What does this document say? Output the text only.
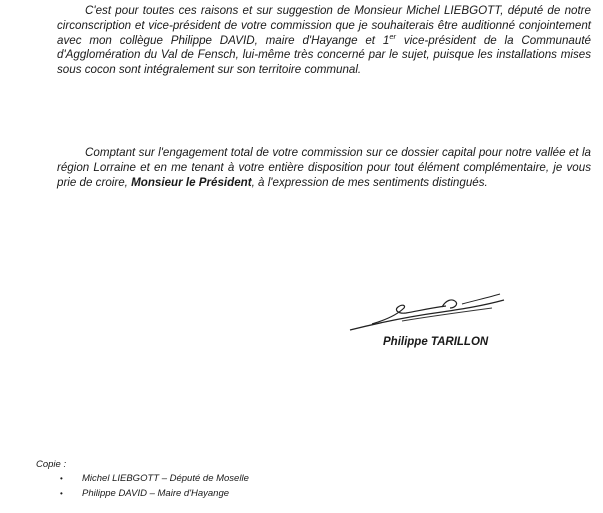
C'est pour toutes ces raisons et sur suggestion de Monsieur Michel LIEBGOTT, député de notre circonscription et vice-président de votre commission que je souhaiterais être auditionné conjointement avec mon collègue Philippe DAVID, maire d'Hayange et 1er vice-président de la Communauté d'Agglomération du Val de Fensch, lui-même très concerné par le sujet, puisque les installations mises sous cocon sont intégralement sur son territoire communal.

Comptant sur l'engagement total de votre commission sur ce dossier capital pour notre vallée et la région Lorraine et en me tenant à votre entière disposition pour tout élément complémentaire, je vous prie de croire, Monsieur le Président, à l'expression de mes sentiments distingués.

Philippe TARILLON

Copie :

• Michel LIEBGOTT – Député de Moselle
• Philippe DAVID – Maire d'Hayange
